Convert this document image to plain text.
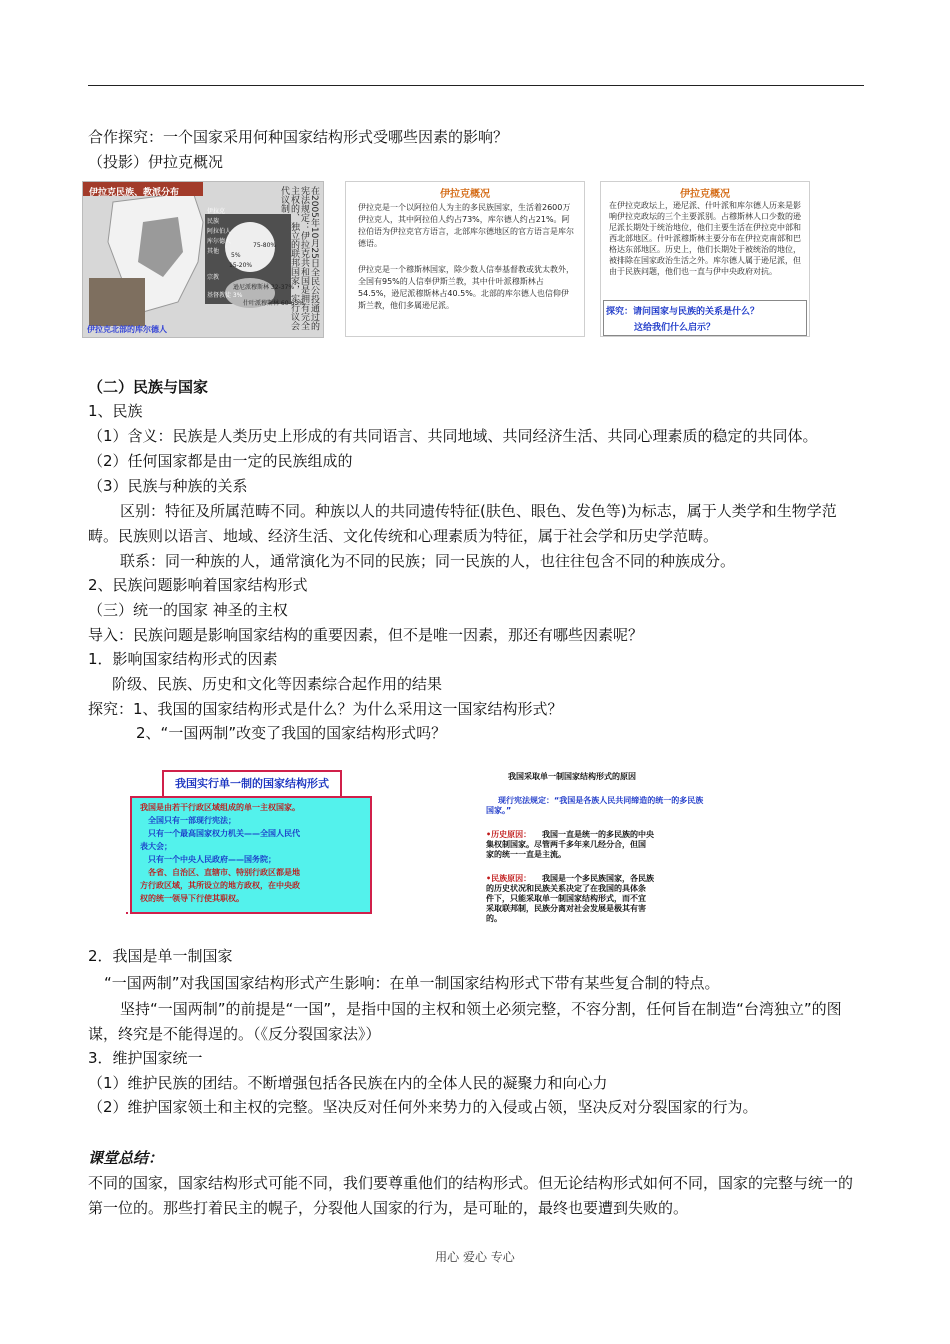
合作探究：一个国家采用何种国家结构形式受哪些因素的影响？
（投影）伊拉克概况
伊拉克民族、教派分布
伊拉克
民族
阿拉伯人
库尔德人
其他
75-80%
15-20%
5%
宗教
什叶派穆斯林 60-65%
逊尼派穆斯林 32-37%
基督教徒 3%	在2005年10月25日全民公投通过的宪法规定：伊拉克共和国是拥有完全主权的、独立的联邦国家，实行议会代议制
伊拉克北部的库尔德人
伊拉克概况
伊拉克是一个以阿拉伯人为主的多民族国家，生活着2600万伊拉克人，其中阿拉伯人约占73%，库尔德人约占21%。阿拉伯语为伊拉克官方语言，北部库尔德地区的官方语言是库尔德语。
伊拉克是一个穆斯林国家，除少数人信奉基督教或犹太教外，全国有95%的人信奉伊斯兰教，其中什叶派穆斯林占54.5%，逊尼派穆斯林占40.5%。北部的库尔德人也信仰伊斯兰教，他们多属逊尼派。
伊拉克概况
在伊拉克政坛上，逊尼派、什叶派和库尔德人历来是影响伊拉克政坛的三个主要派别。占穆斯林人口少数的逊尼派长期处于统治地位，他们主要生活在伊拉克中部和西北部地区。什叶派穆斯林主要分布在伊拉克南部和巴格达东部地区。历史上，他们长期处于被统治的地位，被排除在国家政治生活之外。库尔德人属于逊尼派，但由于民族问题，他们也一直与伊中央政府对抗。
探究：请问国家与民族的关系是什么？
这给我们什么启示？
（二）民族与国家
1、民族
（1）含义：民族是人类历史上形成的有共同语言、共同地域、共同经济生活、共同心理素质的稳定的共同体。
（2）任何国家都是由一定的民族组成的
（3）民族与种族的关系
区别：特征及所属范畴不同。种族以人的共同遗传特征(肤色、眼色、发色等)为标志，属于人类学和生物学范畴。民族则以语言、地域、经济生活、文化传统和心理素质为特征，属于社会学和历史学范畴。
联系：同一种族的人，通常演化为不同的民族；同一民族的人，也往往包含不同的种族成分。
2、民族问题影响着国家结构形式
（三）统一的国家 神圣的主权
导入：民族问题是影响国家结构的重要因素，但不是唯一因素，那还有哪些因素呢？
1．影响国家结构形式的因素
阶级、民族、历史和文化等因素综合起作用的结果
探究：1、我国的国家结构形式是什么？为什么采用这一国家结构形式？
2、“一国两制”改变了我国的国家结构形式吗？
我国实行单一制的国家结构形式
我国是由若干行政区域组成的单一主权国家。
全国只有一部现行宪法；
只有一个最高国家权力机关——全国人民代
表大会；
只有一个中央人民政府——国务院；
各省、自治区、直辖市、特别行政区都是地
方行政区域，其所设立的地方政权，在中央政
权的统一领导下行使其职权。
我国采取单一制国家结构形式的原因
现行宪法规定： “我国是各族人民共同缔造的统一的多民族国家。”
•历史原因： 我国一直是统一的多民族的中央
集权制国家。尽管两千多年来几经分合，但国
家的统一一直是主流。
•民族原因： 我国是一个多民族国家，各民族
的历史状况和民族关系决定了在我国的具体条
件下，只能采取单一制国家结构形式，而不宜
采取联邦制，民族分离对社会发展是极其有害
的。
2．我国是单一制国家
“一国两制”对我国国家结构形式产生影响：在单一制国家结构形式下带有某些复合制的特点。
坚持“一国两制”的前提是“一国”，是指中国的主权和领土必须完整，不容分割，任何旨在制造“台湾独立”的图谋，终究是不能得逞的。（《反分裂国家法》）
3．维护国家统一
（1）维护民族的团结。不断增强包括各民族在内的全体人民的凝聚力和向心力
（2）维护国家领土和主权的完整。坚决反对任何外来势力的入侵或占领，坚决反对分裂国家的行为。
课堂总结：
不同的国家，国家结构形式可能不同，我们要尊重他们的结构形式。但无论结构形式如何不同，国家的完整与统一的第一位的。那些打着民主的幌子，分裂他人国家的行为，是可耻的，最终也要遭到失败的。
用心 爱心 专心
